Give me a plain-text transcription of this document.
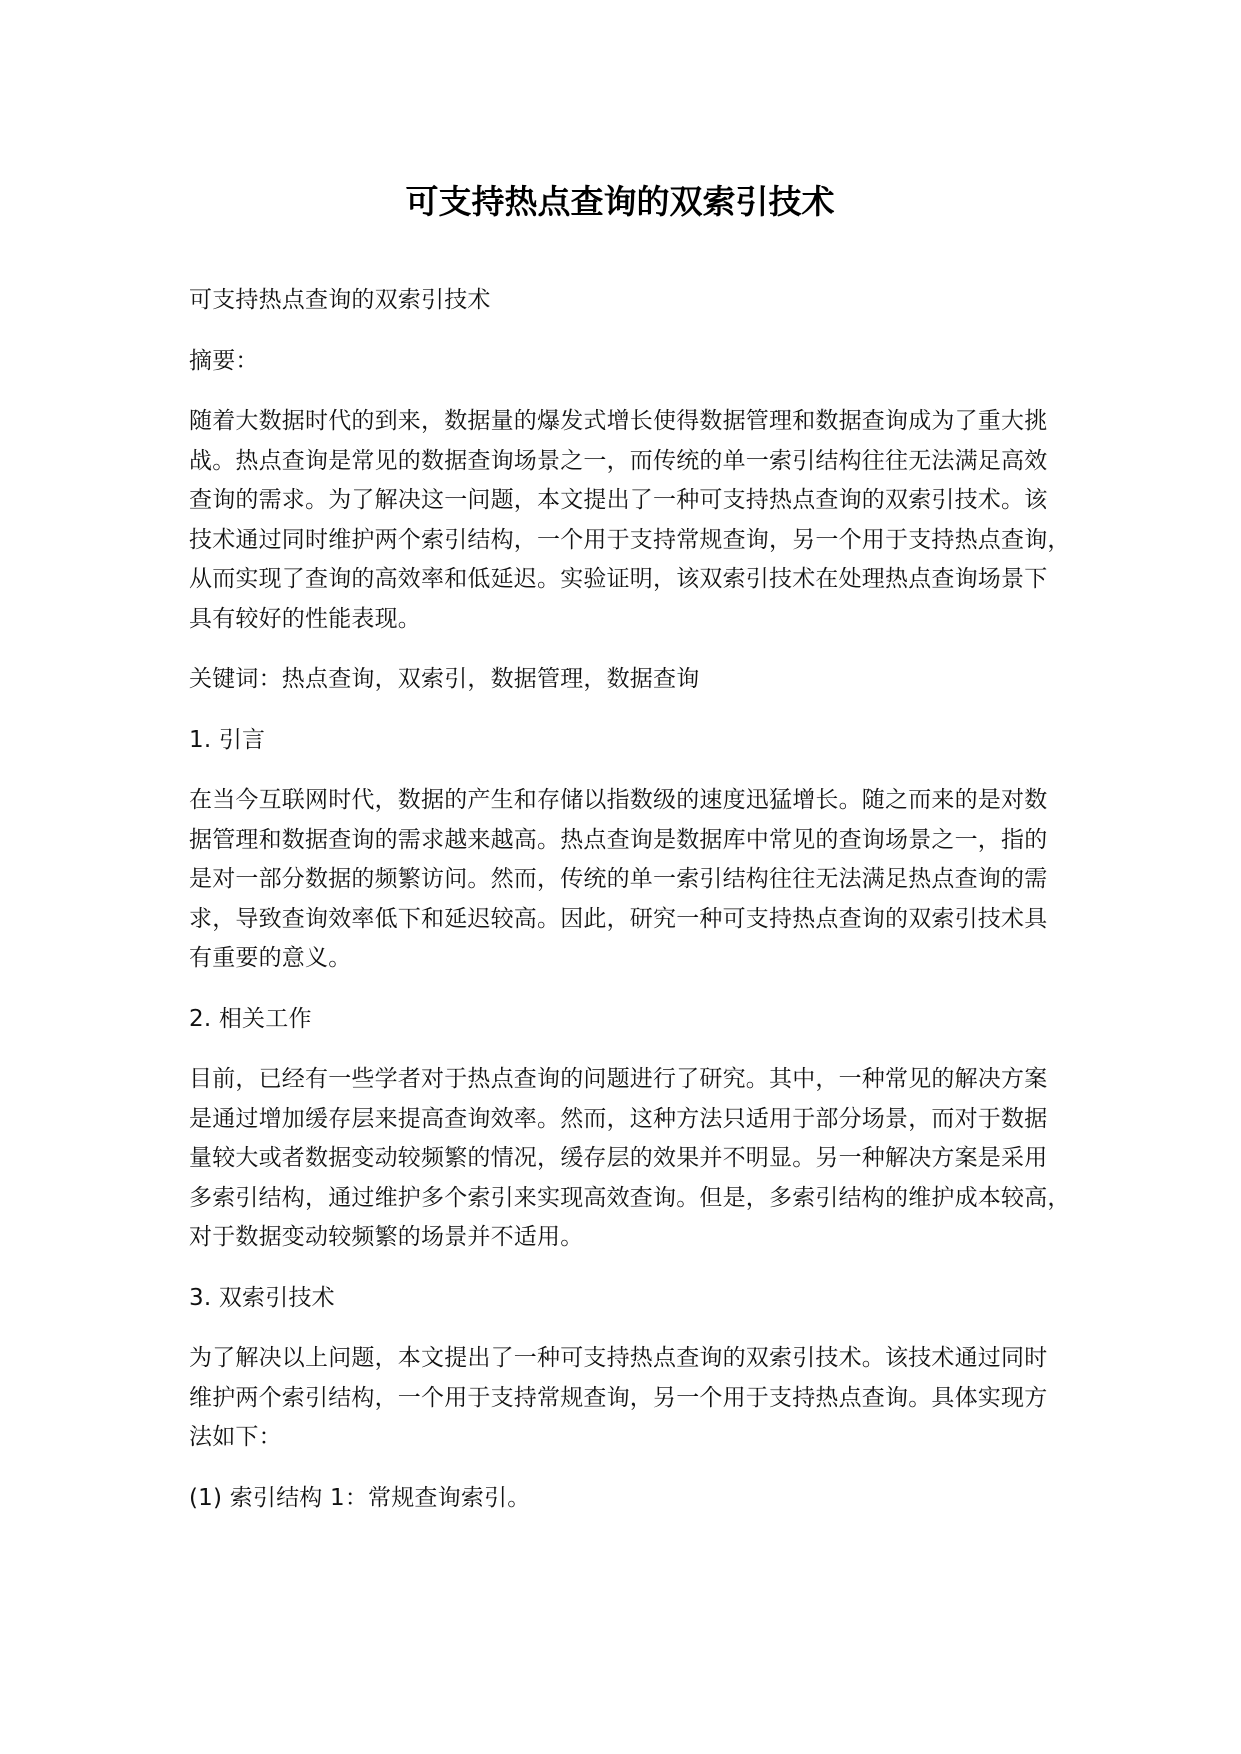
可支持热点查询的双索引技术

可支持热点查询的双索引技术

摘要：

随着大数据时代的到来，数据量的爆发式增长使得数据管理和数据查询成为了重大挑
战。热点查询是常见的数据查询场景之一，而传统的单一索引结构往往无法满足高效
查询的需求。为了解决这一问题，本文提出了一种可支持热点查询的双索引技术。该
技术通过同时维护两个索引结构，一个用于支持常规查询，另一个用于支持热点查询，
从而实现了查询的高效率和低延迟。实验证明，该双索引技术在处理热点查询场景下
具有较好的性能表现。

关键词：热点查询，双索引，数据管理，数据查询

1. 引言

在当今互联网时代，数据的产生和存储以指数级的速度迅猛增长。随之而来的是对数
据管理和数据查询的需求越来越高。热点查询是数据库中常见的查询场景之一，指的
是对一部分数据的频繁访问。然而，传统的单一索引结构往往无法满足热点查询的需
求，导致查询效率低下和延迟较高。因此，研究一种可支持热点查询的双索引技术具
有重要的意义。

2. 相关工作

目前，已经有一些学者对于热点查询的问题进行了研究。其中，一种常见的解决方案
是通过增加缓存层来提高查询效率。然而，这种方法只适用于部分场景，而对于数据
量较大或者数据变动较频繁的情况，缓存层的效果并不明显。另一种解决方案是采用
多索引结构，通过维护多个索引来实现高效查询。但是，多索引结构的维护成本较高，
对于数据变动较频繁的场景并不适用。

3. 双索引技术

为了解决以上问题，本文提出了一种可支持热点查询的双索引技术。该技术通过同时
维护两个索引结构，一个用于支持常规查询，另一个用于支持热点查询。具体实现方
法如下：

(1) 索引结构 1：常规查询索引。
